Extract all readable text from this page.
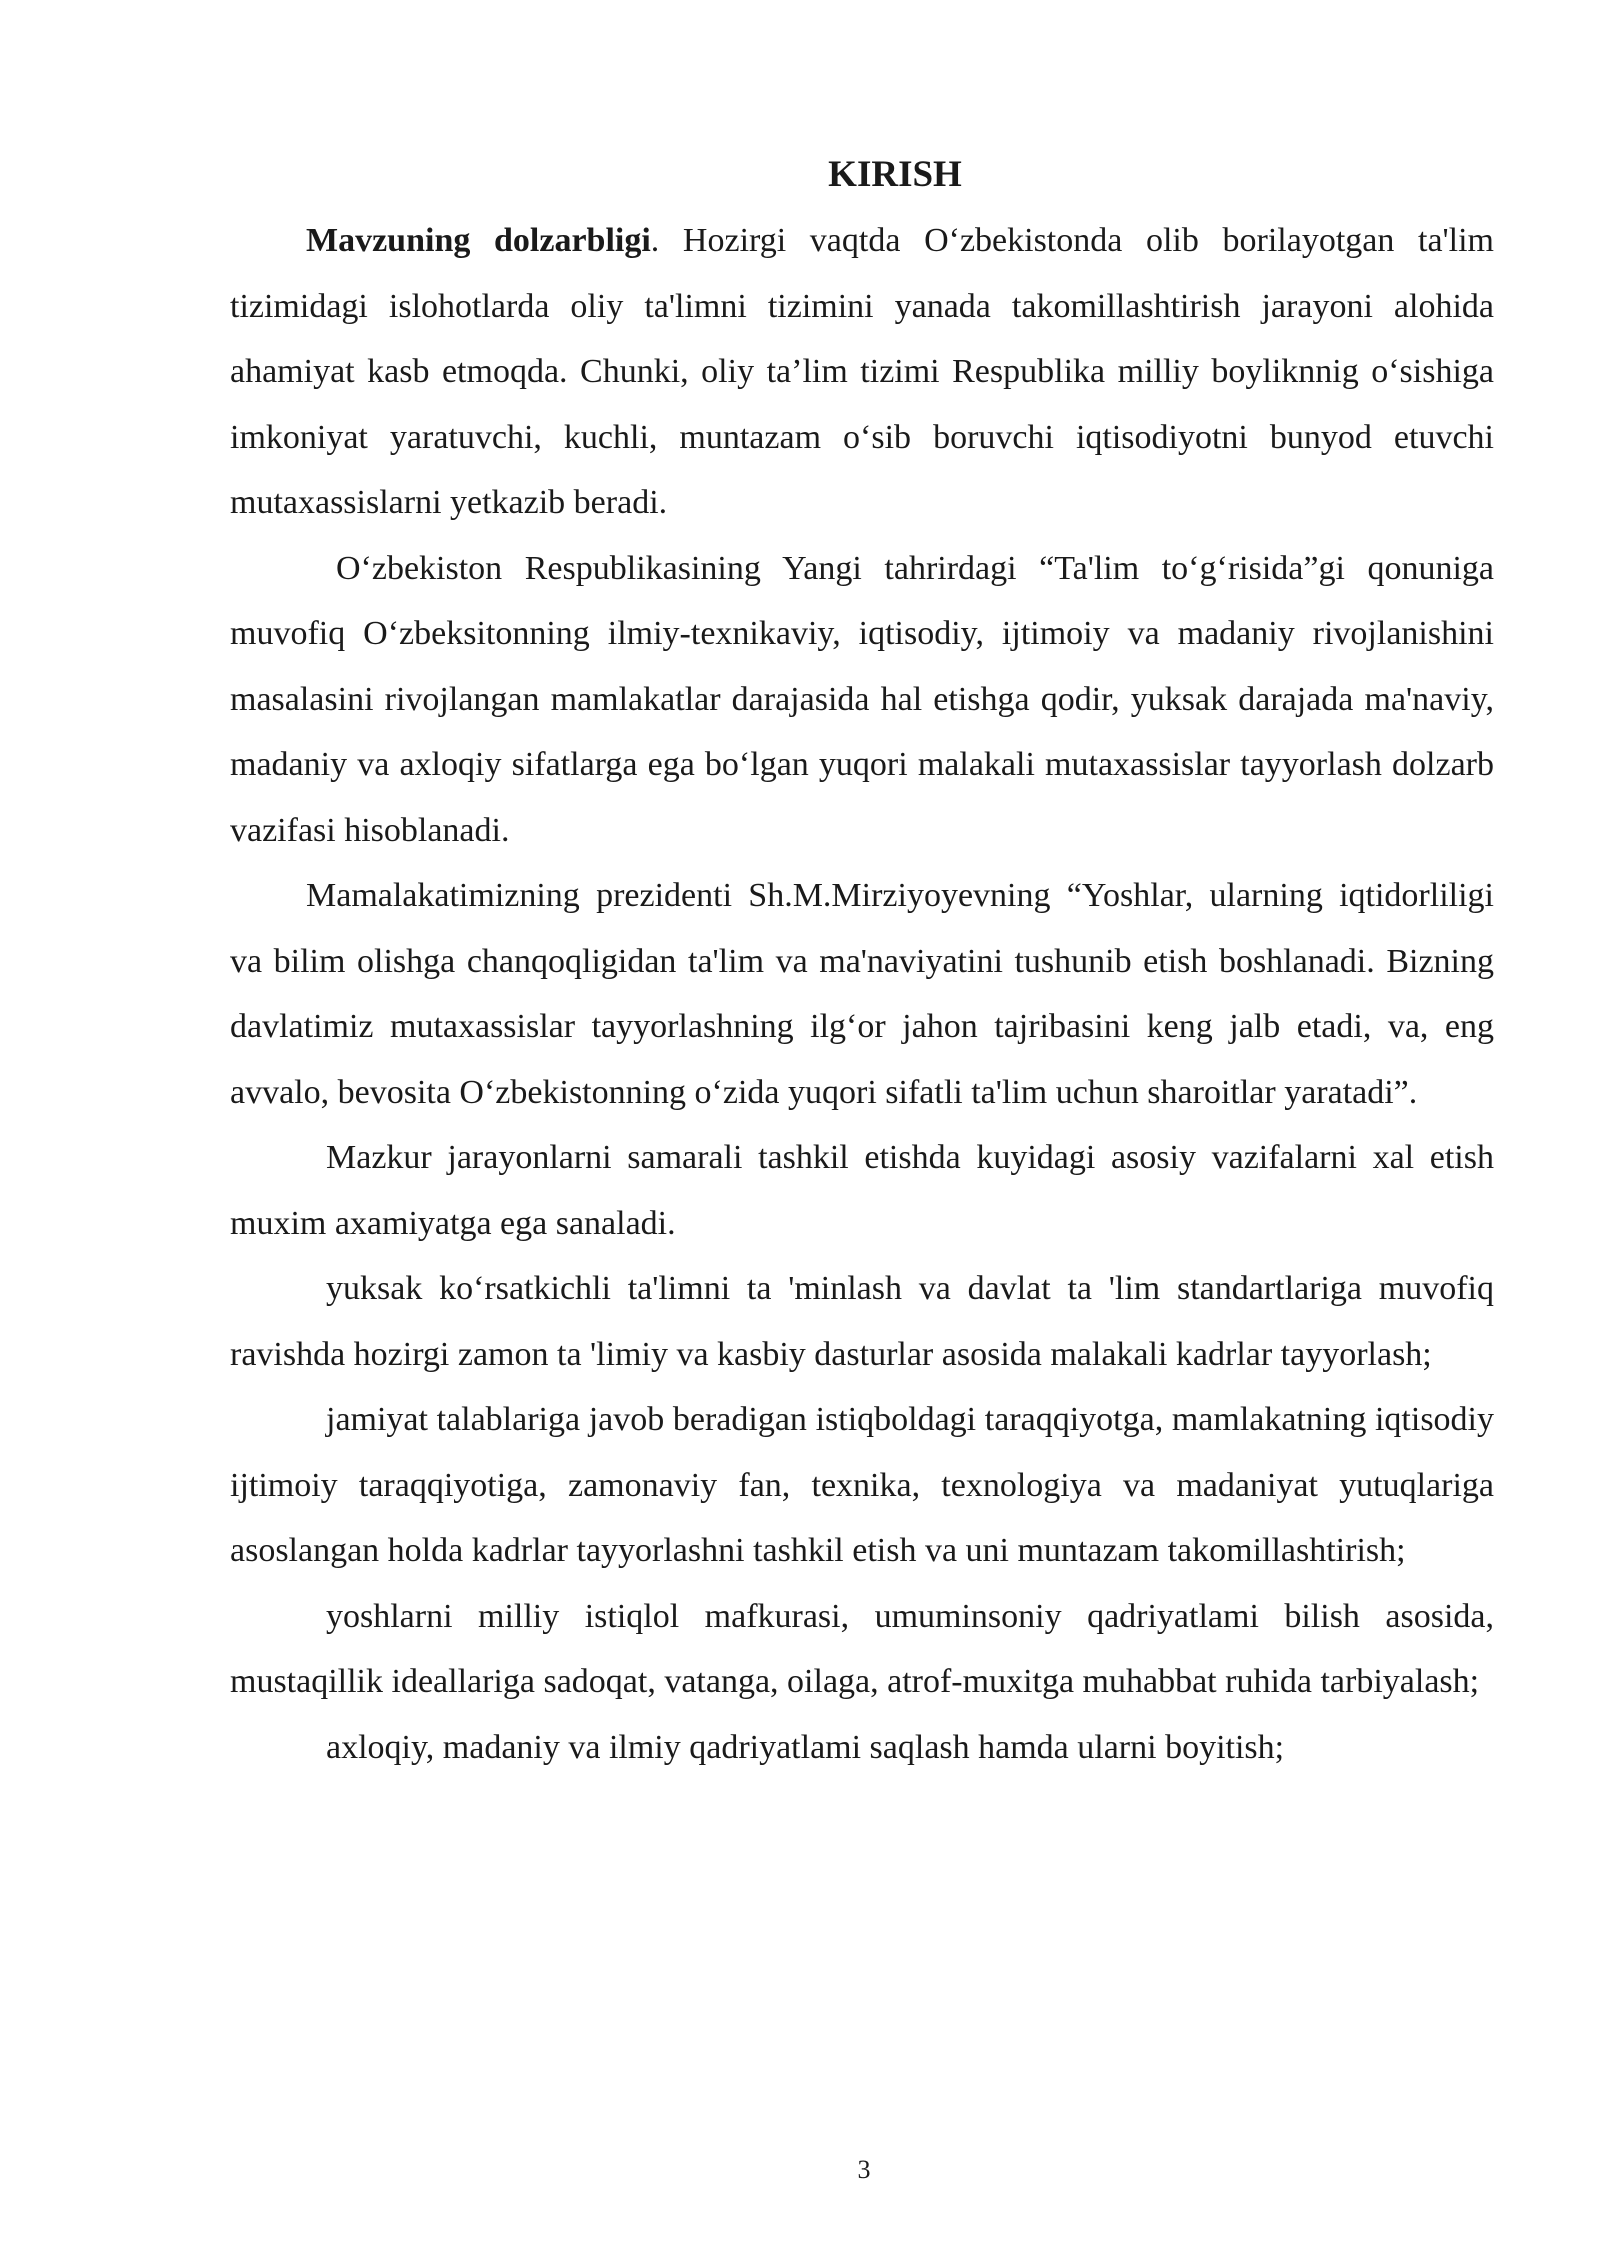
KIRISH

Mavzuning dolzarbligi. Hozirgi vaqtda O‘zbekistonda olib borilayotgan ta'lim tizimidagi islohotlarda oliy ta'limni tizimini yanada takomillashtirish jarayoni alohida ahamiyat kasb etmoqda. Chunki, oliy ta’lim tizimi Respublika milliy boyliknnig o‘sishiga imkoniyat yaratuvchi, kuchli, muntazam o‘sib boruvchi iqtisodiyotni bunyod etuvchi mutaxassislarni yetkazib beradi.

O‘zbekiston Respublikasining Yangi tahrirdagi “Ta'lim to‘g‘risida”gi qonuniga muvofiq O‘zbeksitonning ilmiy-texnikaviy, iqtisodiy, ijtimoiy va madaniy rivojlanishini masalasini rivojlangan mamlakatlar darajasida hal etishga qodir, yuksak darajada ma'naviy, madaniy va axloqiy sifatlarga ega bo‘lgan yuqori malakali mutaxassislar tayyorlash dolzarb vazifasi hisoblanadi.

Mamalakatimizning prezidenti Sh.M.Mirziyoyevning “Yoshlar, ularning iqtidorliligi va bilim olishga chanqoqligidan ta'lim va ma'naviyatini tushunib etish boshlanadi. Bizning davlatimiz mutaxassislar tayyorlashning ilg‘or jahon tajribasini keng jalb etadi, va, eng avvalo, bevosita O‘zbekistonning o‘zida yuqori sifatli ta'lim uchun sharoitlar yaratadi”.

Mazkur jarayonlarni samarali tashkil etishda kuyidagi asosiy vazifalarni xal etish muxim axamiyatga ega sanaladi.

yuksak ko‘rsatkichli ta'limni ta 'minlash va davlat ta 'lim standartlariga muvofiq ravishda hozirgi zamon ta 'limiy va kasbiy dasturlar asosida malakali kadrlar tayyorlash;

jamiyat talablariga javob beradigan istiqboldagi taraqqiyotga, mamlakatning iqtisodiy ijtimoiy taraqqiyotiga, zamonaviy fan, texnika, texnologiya va madaniyat yutuqlariga asoslangan holda kadrlar tayyorlashni tashkil etish va uni muntazam takomillashtirish;

yoshlarni milliy istiqlol mafkurasi, umuminsoniy qadriyatlami bilish asosida, mustaqillik ideallariga sadoqat, vatanga, oilaga, atrof-muxitga muhabbat ruhida tarbiyalash;

axloqiy, madaniy va ilmiy qadriyatlami saqlash hamda ularni boyitish;

3
